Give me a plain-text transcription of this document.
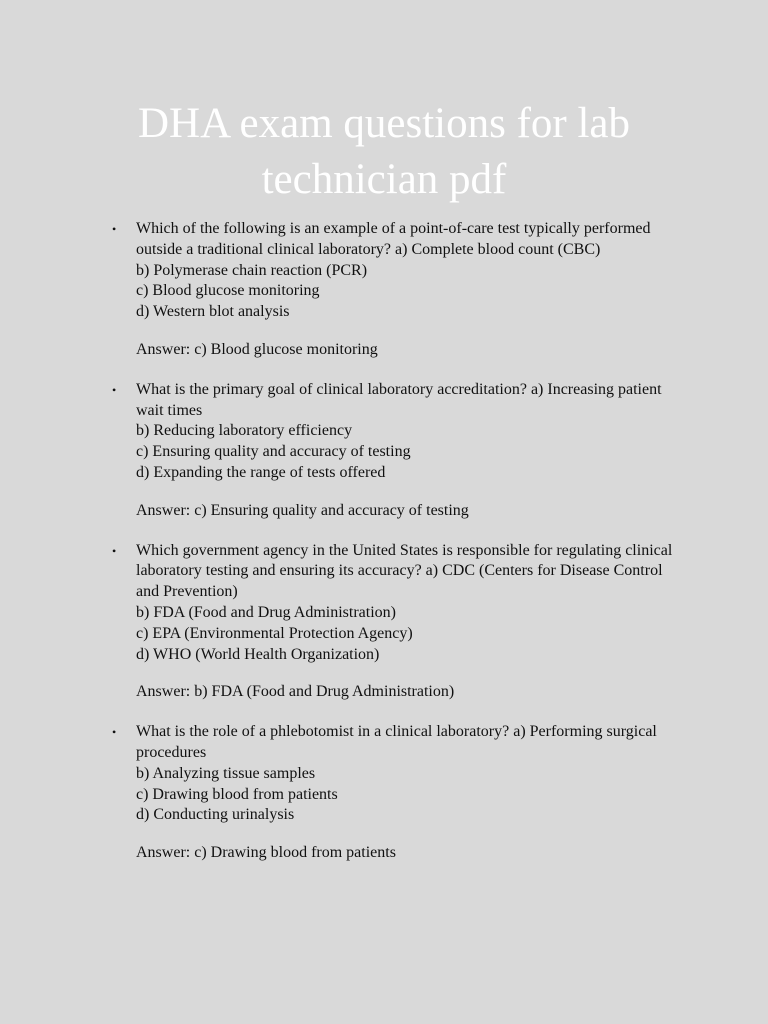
DHA exam questions for lab
technician pdf
• Which of the following is an example of a point-of-care test typically performed outside a traditional clinical laboratory? a) Complete blood count (CBC)
b) Polymerase chain reaction (PCR)
c) Blood glucose monitoring
d) Western blot analysis
Answer: c) Blood glucose monitoring
• What is the primary goal of clinical laboratory accreditation? a) Increasing patient wait times
b) Reducing laboratory efficiency
c) Ensuring quality and accuracy of testing
d) Expanding the range of tests offered
Answer: c) Ensuring quality and accuracy of testing
• Which government agency in the United States is responsible for regulating clinical laboratory testing and ensuring its accuracy? a) CDC (Centers for Disease Control and Prevention)
b) FDA (Food and Drug Administration)
c) EPA (Environmental Protection Agency)
d) WHO (World Health Organization)
Answer: b) FDA (Food and Drug Administration)
• What is the role of a phlebotomist in a clinical laboratory? a) Performing surgical procedures
b) Analyzing tissue samples
c) Drawing blood from patients
d) Conducting urinalysis
Answer: c) Drawing blood from patients
